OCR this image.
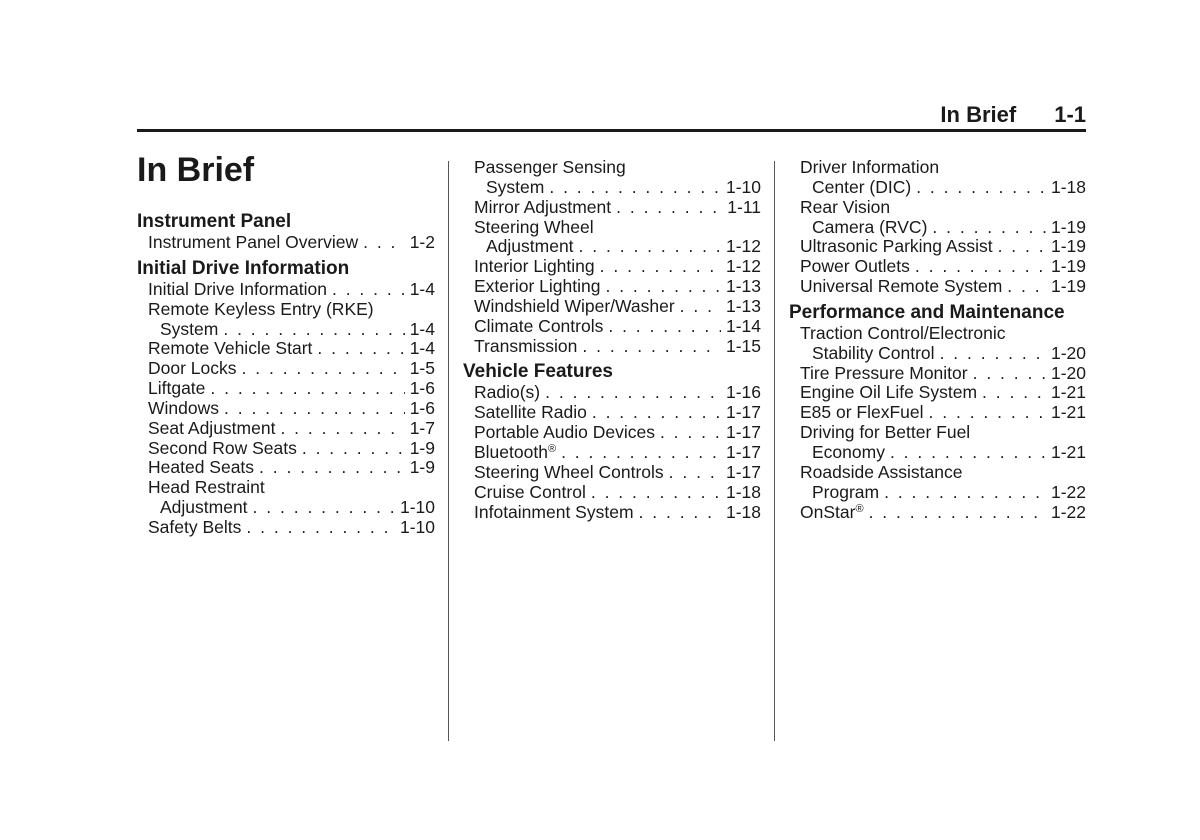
In Brief 1-1
In Brief
Instrument Panel
Instrument Panel Overview . . .	1-2
Initial Drive Information
Initial Drive Information . . .	1-4
Remote Keyless Entry (RKE)
System . . .	1-4
Remote Vehicle Start . . .	1-4
Door Locks . . .	1-5
Liftgate . . .	1-6
Windows . . .	1-6
Seat Adjustment . . .	1-7
Second Row Seats . . .	1-9
Heated Seats . . .	1-9
Head Restraint
Adjustment . . .	1-10
Safety Belts . . .	1-10
Passenger Sensing
System . . .	1-10
Mirror Adjustment . . .	1-11
Steering Wheel
Adjustment . . .	1-12
Interior Lighting . . .	1-12
Exterior Lighting . . .	1-13
Windshield Wiper/Washer . . .	1-13
Climate Controls . . .	1-14
Transmission . . .	1-15
Vehicle Features
Radio(s) . . .	1-16
Satellite Radio . . .	1-17
Portable Audio Devices . . .	1-17
Bluetooth® . . .	1-17
Steering Wheel Controls . . .	1-17
Cruise Control . . .	1-18
Infotainment System . . .	1-18
Driver Information
Center (DIC) . . .	1-18
Rear Vision
Camera (RVC) . . .	1-19
Ultrasonic Parking Assist . . .	1-19
Power Outlets . . .	1-19
Universal Remote System . . .	1-19
Performance and Maintenance
Traction Control/Electronic
Stability Control . . .	1-20
Tire Pressure Monitor . . .	1-20
Engine Oil Life System . . .	1-21
E85 or FlexFuel . . .	1-21
Driving for Better Fuel
Economy . . .	1-21
Roadside Assistance
Program . . .	1-22
OnStar® . . .	1-22
